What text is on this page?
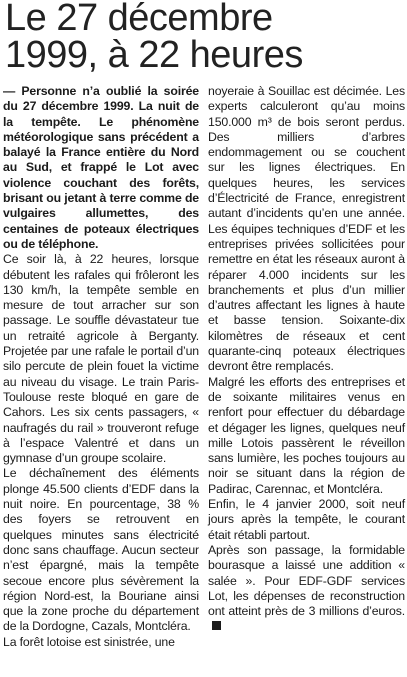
Le 27 décembre
1999, à 22 heures

— Personne n’a oublié la soirée du 27 décembre 1999. La nuit de la tempête. Le phénomène météorologique sans précédent a balayé la France entière du Nord au Sud, et frappé le Lot avec violence couchant des forêts, brisant ou jetant à terre comme de vulgaires allumettes, des centaines de poteaux électriques ou de téléphone.

Ce soir là, à 22 heures, lorsque débutent les rafales qui frôleront les 130 km/h, la tempête semble en mesure de tout arracher sur son passage. Le souffle dévastateur tue un retraité agricole à Berganty. Projetée par une rafale le portail d’un silo percute de plein fouet la victime au niveau du visage. Le train Paris-Toulouse reste bloqué en gare de Cahors. Les six cents passagers, « naufragés du rail » trouveront refuge à l’espace Valentré et dans un gymnase d’un groupe scolaire.

Le déchaînement des éléments plonge 45.500 clients d’EDF dans la nuit noire. En pourcentage, 38 % des foyers se retrouvent en quelques minutes sans électricité donc sans chauffage. Aucun secteur n’est épargné, mais la tempête secoue encore plus sévèrement la région Nord-est, la Bouriane ainsi que la zone proche du département de la Dordogne, Cazals, Montcléra.

La forêt lotoise est sinistrée, une

noyeraie à Souillac est décimée. Les experts calculeront qu’au moins 150.000 m³ de bois seront perdus. Des milliers d’arbres endommagement ou se couchent sur les lignes électriques. En quelques heures, les services d’Électricité de France, enregistrent autant d’incidents qu’en une année. Les équipes techniques d’EDF et les entreprises privées sollicitées pour remettre en état les réseaux auront à réparer 4.000 incidents sur les branchements et plus d’un millier d’autres affectant les lignes à haute et basse tension. Soixante-dix kilomètres de réseaux et cent quarante-cinq poteaux électriques devront être remplacés.

Malgré les efforts des entreprises et de soixante militaires venus en renfort pour effectuer du débardage et dégager les lignes, quelques neuf mille Lotois passèrent le réveillon sans lumière, les poches toujours au noir se situant dans la région de Padirac, Carennac, et Montcléra.

Enfin, le 4 janvier 2000, soit neuf jours après la tempête, le courant était rétabli partout.

Après son passage, la formidable bourasque a laissé une addition « salée ». Pour EDF-GDF services Lot, les dépenses de reconstruction ont atteint près de 3 millions d’euros.
